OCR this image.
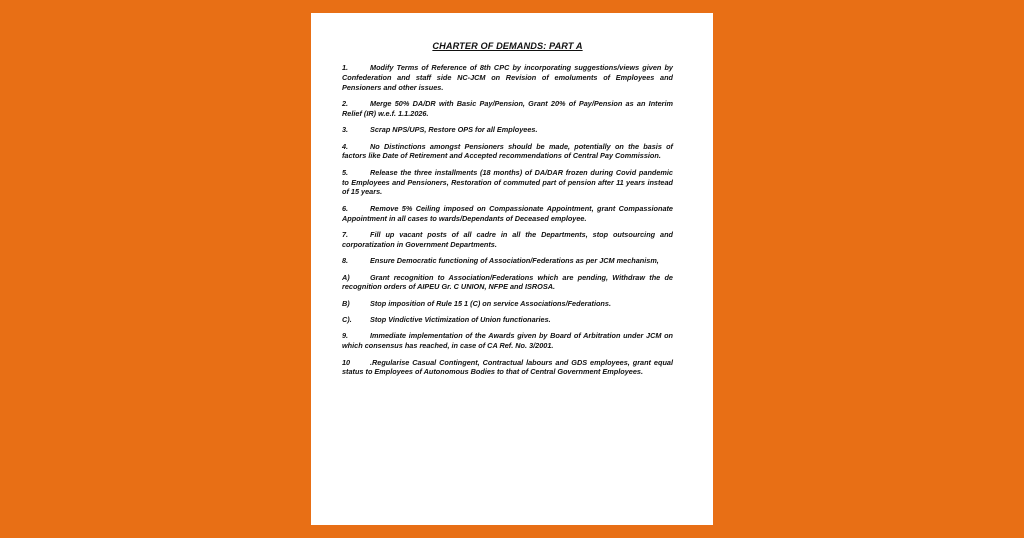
CHARTER OF DEMANDS: PART A
1.	Modify Terms of Reference of 8th CPC by incorporating suggestions/views given by Confederation and staff side NC-JCM on Revision of emoluments of Employees and Pensioners and other issues.
2.	Merge 50% DA/DR with Basic Pay/Pension, Grant 20% of Pay/Pension as an Interim Relief (IR) w.e.f. 1.1.2026.
3.	Scrap NPS/UPS, Restore OPS for all Employees.
4.	No Distinctions amongst Pensioners should be made, potentially on the basis of factors like Date of Retirement and Accepted recommendations of Central Pay Commission.
5.	Release the three installments (18 months) of DA/DAR frozen during Covid pandemic to Employees and Pensioners, Restoration of commuted part of pension after 11 years instead of 15 years.
6.	Remove 5% Ceiling imposed on Compassionate Appointment, grant Compassionate Appointment in all cases to wards/Dependants of Deceased employee.
7.	Fill up vacant posts of all cadre in all the Departments, stop outsourcing and corporatization in Government Departments.
8.	Ensure Democratic functioning of Association/Federations as per JCM mechanism,
A)	Grant recognition to Association/Federations which are pending, Withdraw the de recognition orders of AIPEU Gr. C UNION, NFPE and ISROSA.
B)	Stop imposition of Rule 15 1 (C) on service Associations/Federations.
C).	Stop Vindictive Victimization of Union functionaries.
9.	Immediate implementation of the Awards given by Board of Arbitration under JCM on which consensus has reached, in case of CA Ref. No. 3/2001.
10	.Regularise Casual Contingent, Contractual labours and GDS employees, grant equal status to Employees of Autonomous Bodies to that of Central Government Employees.
